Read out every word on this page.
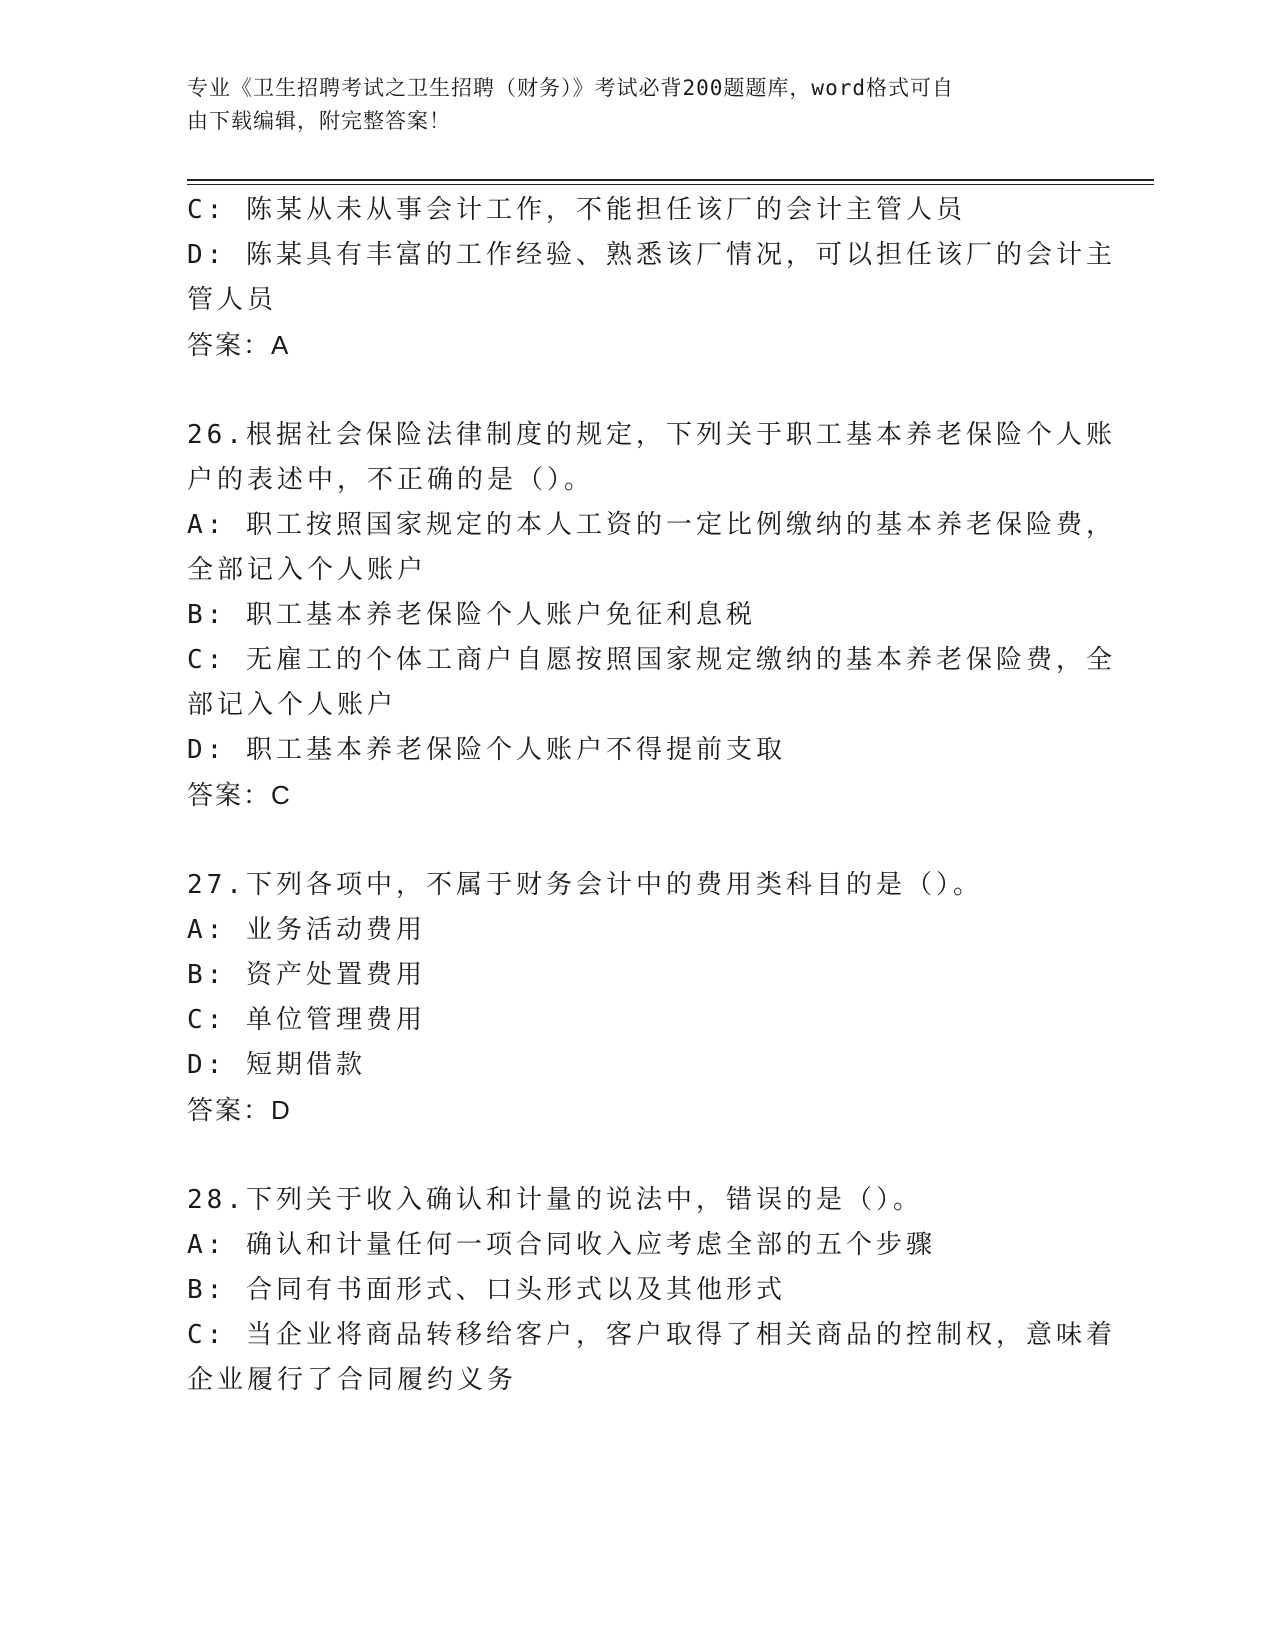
专业《卫生招聘考试之卫生招聘（财务）》考试必背200题题库，word格式可自
由下载编辑，附完整答案！
C: 陈某从未从事会计工作，不能担任该厂的会计主管人员
D: 陈某具有丰富的工作经验、熟悉该厂情况，可以担任该厂的会计主
管人员
答案：A
26.根据社会保险法律制度的规定，下列关于职工基本养老保险个人账
户的表述中，不正确的是（）。
A: 职工按照国家规定的本人工资的一定比例缴纳的基本养老保险费，
全部记入个人账户
B: 职工基本养老保险个人账户免征利息税
C: 无雇工的个体工商户自愿按照国家规定缴纳的基本养老保险费，全
部记入个人账户
D: 职工基本养老保险个人账户不得提前支取
答案：C
27.下列各项中，不属于财务会计中的费用类科目的是（）。
A: 业务活动费用
B: 资产处置费用
C: 单位管理费用
D: 短期借款
答案：D
28.下列关于收入确认和计量的说法中，错误的是（）。
A: 确认和计量任何一项合同收入应考虑全部的五个步骤
B: 合同有书面形式、口头形式以及其他形式
C: 当企业将商品转移给客户，客户取得了相关商品的控制权，意味着
企业履行了合同履约义务
